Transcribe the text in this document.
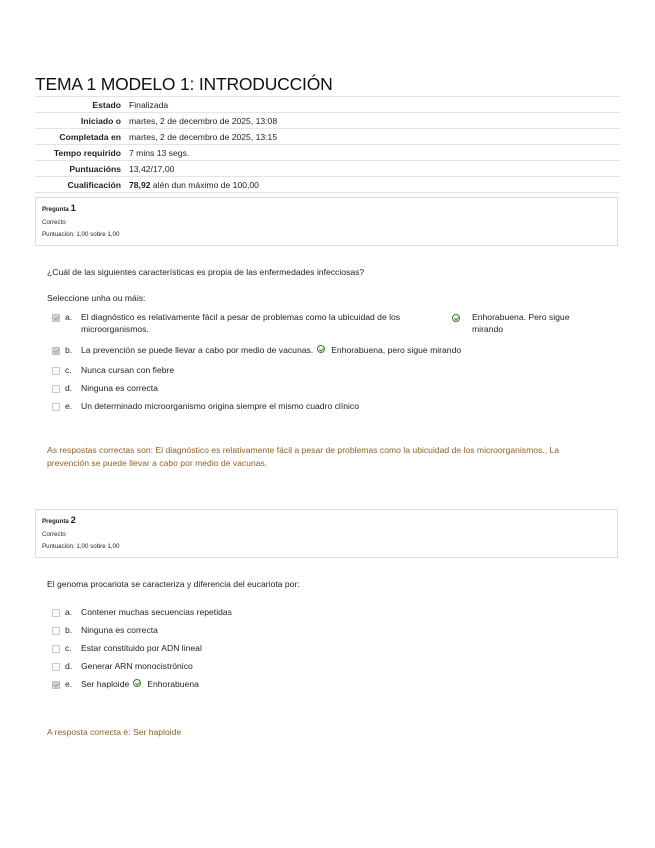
TEMA 1 MODELO 1: INTRODUCCIÓN
Estado	Finalizada
Iniciado o	martes, 2 de decembro de 2025, 13:08
Completada en	martes, 2 de decembro de 2025, 13:15
Tempo requirido	7 mins 13 segs.
Puntuacións	13,42/17,00
Cualificación	78,92 alén dun máximo de 100,00
Pregunta 1
Correcto
Puntuación: 1,00 sobre 1,00
¿Cuál de las siguientes características es propia de las enfermedades infecciosas?
Seleccione unha ou máis:
a.	El diagnóstico es relativamente fácil a pesar de problemas como la ubicuidad de los
microorganismos.
Enhorabuena. Pero sigue
mirando
b.	La prevención se puede llevar a cabo por medio de vacunas. Enhorabuena, pero sigue mirando
c.	Nunca cursan con fiebre
d.	Ninguna es correcta
e.	Un determinado microorganismo origina siempre el mismo cuadro clínico
As respostas correctas son: El diagnóstico es relativamente fácil a pesar de problemas como la ubicuidad de los microorganismos., La prevención se puede llevar a cabo por medio de vacunas.
Pregunta 2
Correcto
Puntuación: 1,00 sobre 1,00
El genoma procariota se caracteriza y diferencia del eucariota por:
a.	Contener muchas secuencias repetidas
b.	Ninguna es correcta
c.	Estar constituido por ADN lineal
d.	Generar ARN monocistrónico
e.	Ser haploide Enhorabuena
A resposta correcta é: Ser haploide
